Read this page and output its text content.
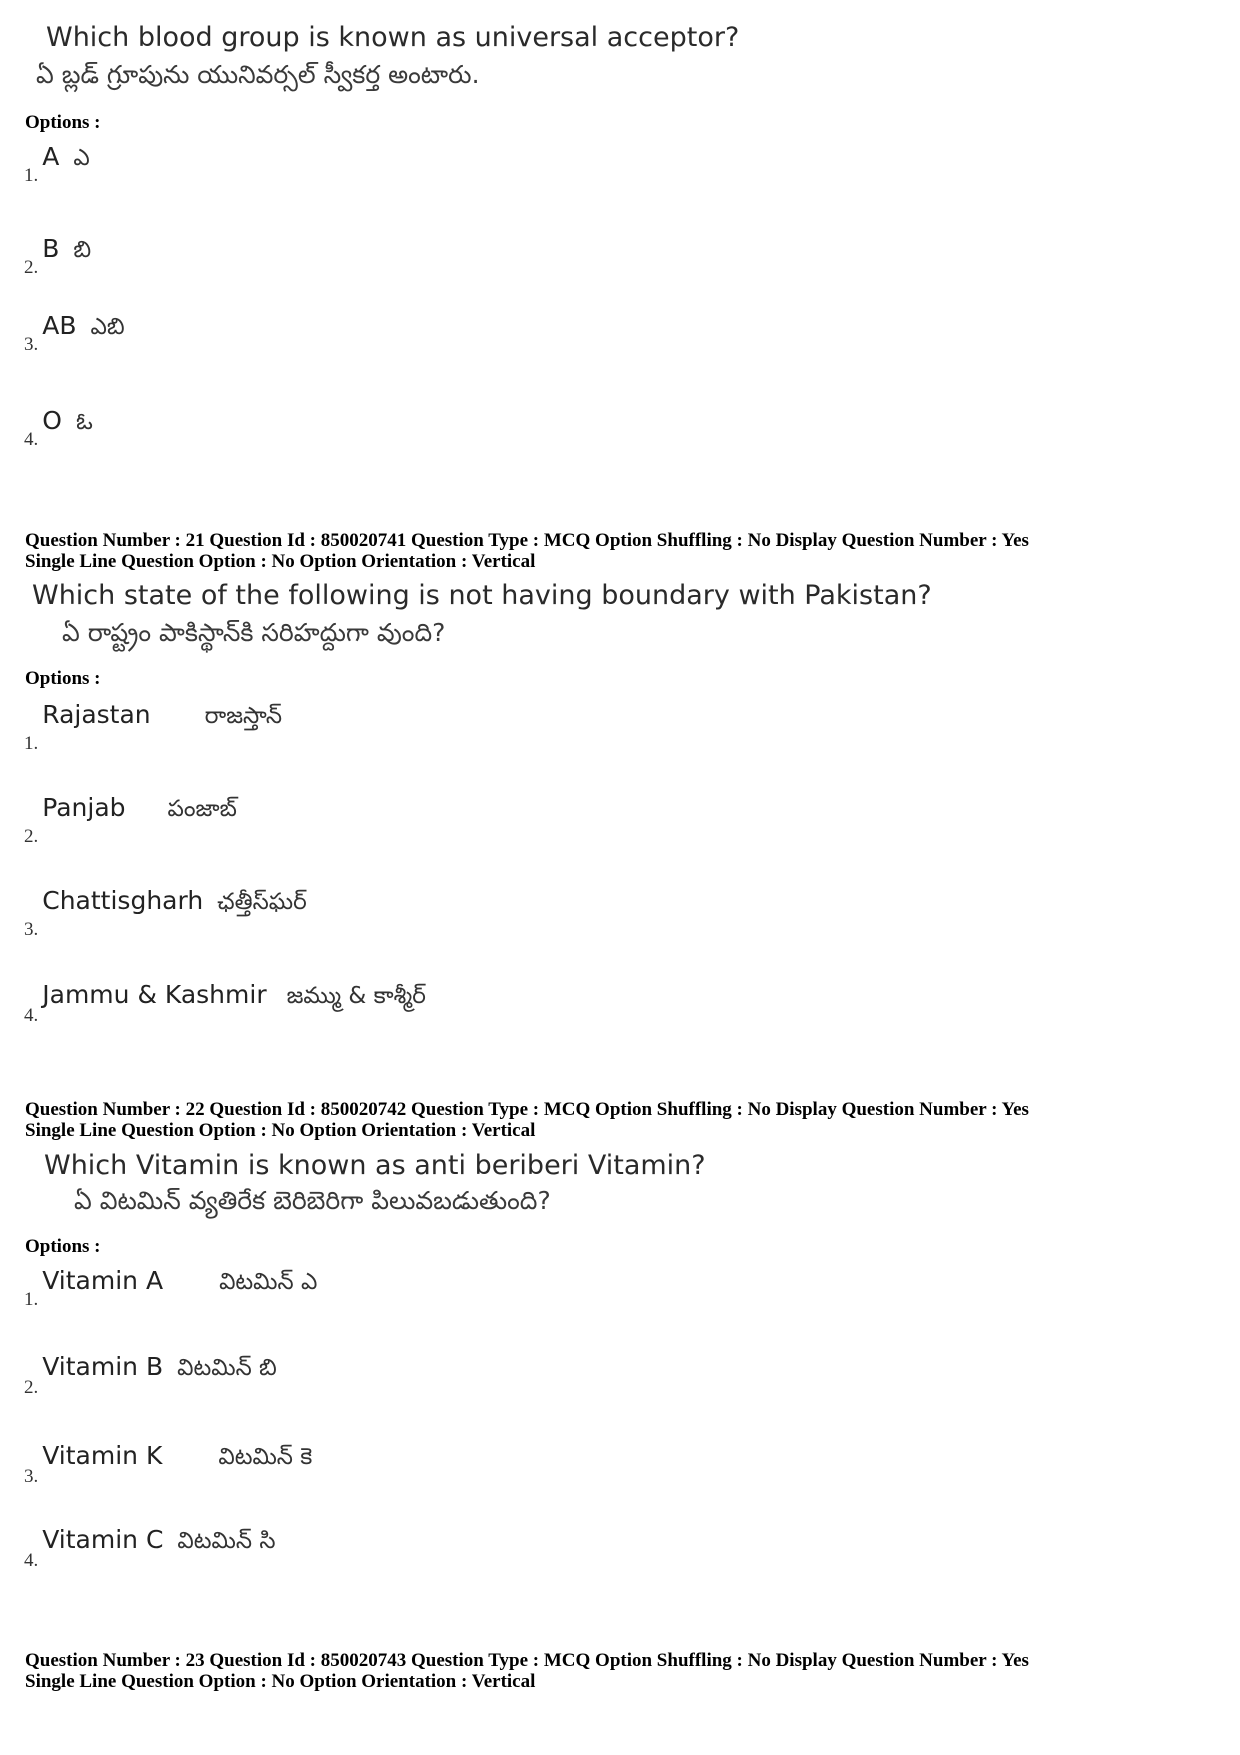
Which blood group is known as universal acceptor?
ఏ బ్లడ్ గ్రూపును యునివర్సల్ స్వీకర్త అంటారు.
Options :
1. A ఎ
2. B బి
3. AB ఎబి
4. O ఓ
Question Number : 21 Question Id : 850020741 Question Type : MCQ Option Shuffling : No Display Question Number : Yes
Single Line Question Option : No Option Orientation : Vertical
Which state of the following is not having boundary with Pakistan?
ఏ రాష్ట్రం పాకిస్థాన్‌కి సరిహద్దుగా వుంది?
Options :
1. Rajastan రాజస్తాన్
2. Panjab పంజాబ్
3. Chattisgharh ఛత్తీస్‌ఘర్
4. Jammu & Kashmir జమ్ము & కాశ్మీర్
Question Number : 22 Question Id : 850020742 Question Type : MCQ Option Shuffling : No Display Question Number : Yes
Single Line Question Option : No Option Orientation : Vertical
Which Vitamin is known as anti beriberi Vitamin?
ఏ విటమిన్ వ్యతిరేక బెరిబెరిగా పిలువబడుతుంది?
Options :
1. Vitamin A విటమిన్ ఎ
2. Vitamin B విటమిన్ బి
3. Vitamin K విటమిన్ కె
4. Vitamin C విటమిన్ సి
Question Number : 23 Question Id : 850020743 Question Type : MCQ Option Shuffling : No Display Question Number : Yes
Single Line Question Option : No Option Orientation : Vertical
